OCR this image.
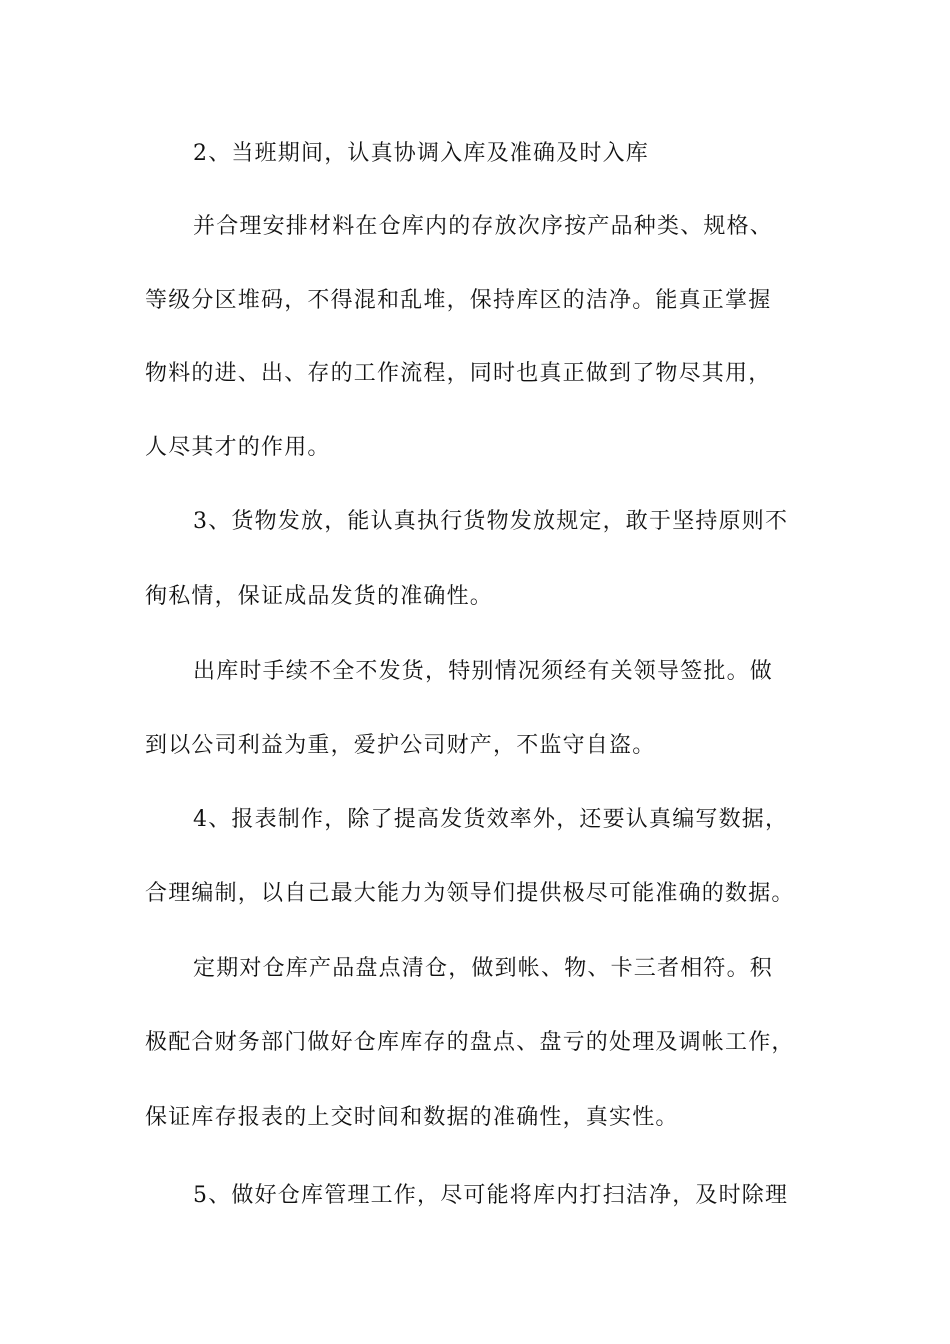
2、当班期间，认真协调入库及准确及时入库
并合理安排材料在仓库内的存放次序按产品种类、规格、
等级分区堆码，不得混和乱堆，保持库区的洁净。能真正掌握
物料的进、出、存的工作流程，同时也真正做到了物尽其用，
人尽其才的作用。
3、货物发放，能认真执行货物发放规定，敢于坚持原则不
徇私情，保证成品发货的准确性。
出库时手续不全不发货，特别情况须经有关领导签批。做
到以公司利益为重，爱护公司财产，不监守自盗。
4、报表制作，除了提高发货效率外，还要认真编写数据，
合理编制，以自己最大能力为领导们提供极尽可能准确的数据。
定期对仓库产品盘点清仓，做到帐、物、卡三者相符。积
极配合财务部门做好仓库库存的盘点、盘亏的处理及调帐工作，
保证库存报表的上交时间和数据的准确性，真实性。
5、做好仓库管理工作，尽可能将库内打扫洁净，及时除理
